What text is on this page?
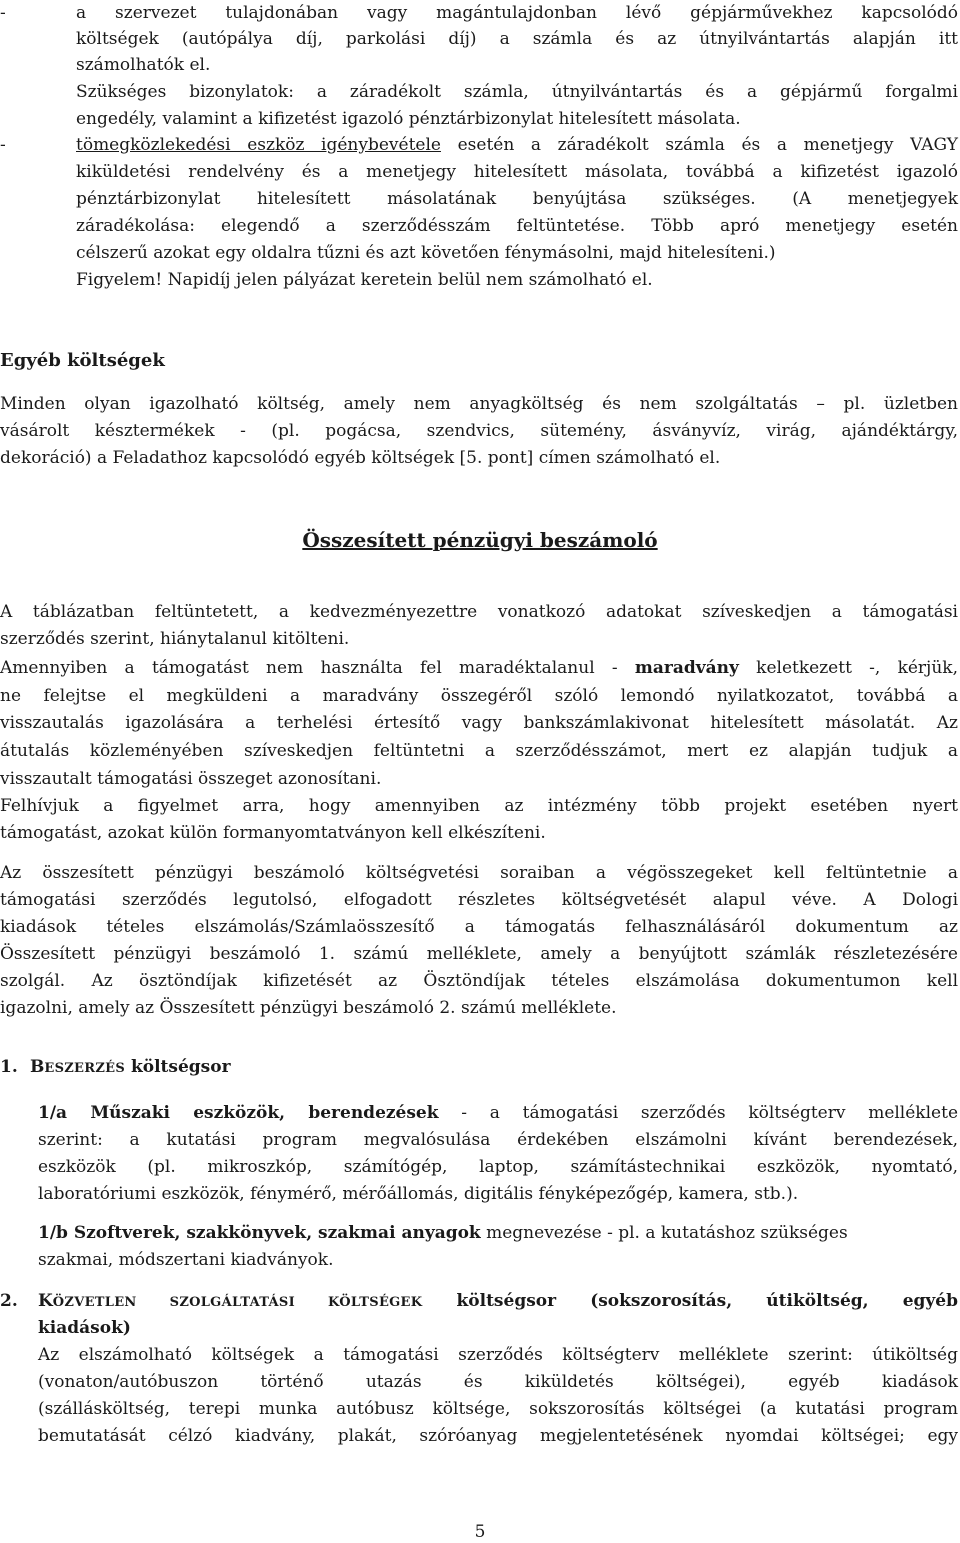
-	a szervezet tulajdonában vagy magántulajdonban lévő gépjárművekhez kapcsolódó
költségek (autópálya díj, parkolási díj) a számla és az útnyilvántartás alapján itt
számolhatók el.
Szükséges bizonylatok: a záradékolt számla, útnyilvántartás és a gépjármű forgalmi
engedély, valamint a kifizetést igazoló pénztárbizonylat hitelesített másolata.
-	tömegközlekedési eszköz igénybevétele esetén a záradékolt számla és a menetjegy VAGY
kiküldetési rendelvény és a menetjegy hitelesített másolata, továbbá a kifizetést igazoló
pénztárbizonylat hitelesített másolatának benyújtása szükséges. (A menetjegyek
záradékolása: elegendő a szerződésszám feltüntetése. Több apró menetjegy esetén
célszerű azokat egy oldalra tűzni és azt követően fénymásolni, majd hitelesíteni.)
Figyelem! Napidíj jelen pályázat keretein belül nem számolható el.
Egyéb költségek
Minden olyan igazolható költség, amely nem anyagköltség és nem szolgáltatás – pl. üzletben
vásárolt késztermékek - (pl. pogácsa, szendvics, sütemény, ásványvíz, virág, ajándéktárgy,
dekoráció) a Feladathoz kapcsolódó egyéb költségek [5. pont] címen számolható el.
Összesített pénzügyi beszámoló
A táblázatban feltüntetett, a kedvezményezettre vonatkozó adatokat szíveskedjen a támogatási
szerződés szerint, hiánytalanul kitölteni.
Amennyiben a támogatást nem használta fel maradéktalanul - maradvány keletkezett -, kérjük,
ne felejtse el megküldeni a maradvány összegéről szóló lemondó nyilatkozatot, továbbá a
visszautalás igazolására a terhelési értesítő vagy bankszámlakivonat hitelesített másolatát. Az
átutalás közleményében szíveskedjen feltüntetni a szerződésszámot, mert ez alapján tudjuk a
visszautalt támogatási összeget azonosítani.
Felhívjuk a figyelmet arra, hogy amennyiben az intézmény több projekt esetében nyert
támogatást, azokat külön formanyomtatványon kell elkészíteni.
Az összesített pénzügyi beszámoló költségvetési soraiban a végösszegeket kell feltüntetnie a
támogatási szerződés legutolsó, elfogadott részletes költségvetését alapul véve. A Dologi
kiadások tételes elszámolás/Számlaösszesítő a támogatás felhasználásáról dokumentum az
Összesített pénzügyi beszámoló 1. számú melléklete, amely a benyújtott számlák részletezésére
szolgál. Az ösztöndíjak kifizetését az Ösztöndíjak tételes elszámolása dokumentumon kell
igazolni, amely az Összesített pénzügyi beszámoló 2. számú melléklete.
1. BESZERZÉS költségsor
1/a Műszaki eszközök, berendezések - a támogatási szerződés költségterv melléklete
szerint: a kutatási program megvalósulása érdekében elszámolni kívánt berendezések,
eszközök (pl. mikroszkóp, számítógép, laptop, számítástechnikai eszközök, nyomtató,
laboratóriumi eszközök, fénymérő, mérőállomás, digitális fényképezőgép, kamera, stb.).
1/b Szoftverek, szakkönyvek, szakmai anyagok megnevezése - pl. a kutatáshoz szükséges
szakmai, módszertani kiadványok.
2.	KÖZVETLEN SZOLGÁLTATÁSI KÖLTSÉGEK költségsor (sokszorosítás, útiköltség, egyéb
kiadások)
Az elszámolható költségek a támogatási szerződés költségterv melléklete szerint: útiköltség
(vonaton/autóbuszon történő utazás és kiküldetés költségei), egyéb kiadások
(szállásköltség, terepi munka autóbusz költsége, sokszorosítás költségei (a kutatási program
bemutatását célzó kiadvány, plakát, szóróanyag megjelentetésének nyomdai költségei; egy
5
